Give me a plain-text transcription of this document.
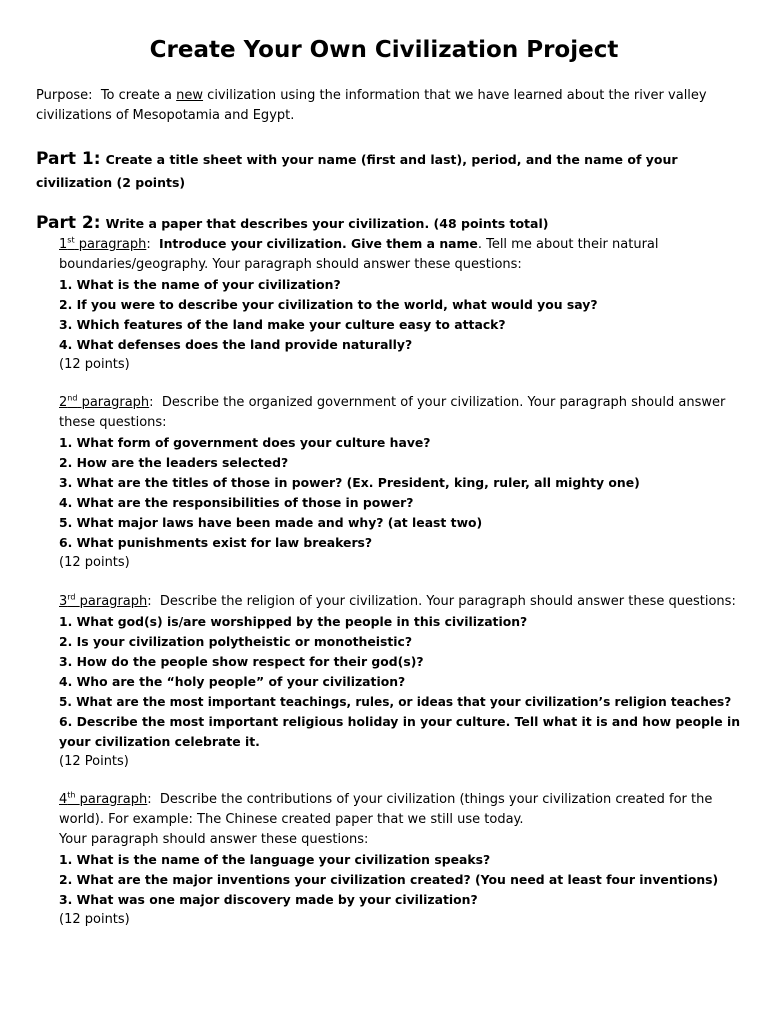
Create Your Own Civilization Project
Purpose: To create a new civilization using the information that we have learned about the river valley civilizations of Mesopotamia and Egypt.
Part 1: Create a title sheet with your name (first and last), period, and the name of your civilization (2 points)
Part 2: Write a paper that describes your civilization. (48 points total)
1st paragraph:  Introduce your civilization. Give them a name. Tell me about their natural boundaries/geography. Your paragraph should answer these questions:
1. What is the name of your civilization?
2. If you were to describe your civilization to the world, what would you say?
3. Which features of the land make your culture easy to attack?
4. What defenses does the land provide naturally?
(12 points)
2nd paragraph:  Describe the organized government of your civilization. Your paragraph should answer these questions:
1. What form of government does your culture have?
2. How are the leaders selected?
3. What are the titles of those in power? (Ex. President, king, ruler, all mighty one)
4. What are the responsibilities of those in power?
5. What major laws have been made and why? (at least two)
6. What punishments exist for law breakers?
(12 points)
3rd paragraph:  Describe the religion of your civilization. Your paragraph should answer these questions:
1. What god(s) is/are worshipped by the people in this civilization?
2. Is your civilization polytheistic or monotheistic?
3. How do the people show respect for their god(s)?
4. Who are the “holy people” of your civilization?
5. What are the most important teachings, rules, or ideas that your civilization’s religion teaches?
6. Describe the most important religious holiday in your culture. Tell what it is and how people in your civilization celebrate it.
(12 Points)
4th paragraph:  Describe the contributions of your civilization (things your civilization created for the world). For example: The Chinese created paper that we still use today.
Your paragraph should answer these questions:
1. What is the name of the language your civilization speaks?
2. What are the major inventions your civilization created? (You need at least four inventions)
3. What was one major discovery made by your civilization?
(12 points)
